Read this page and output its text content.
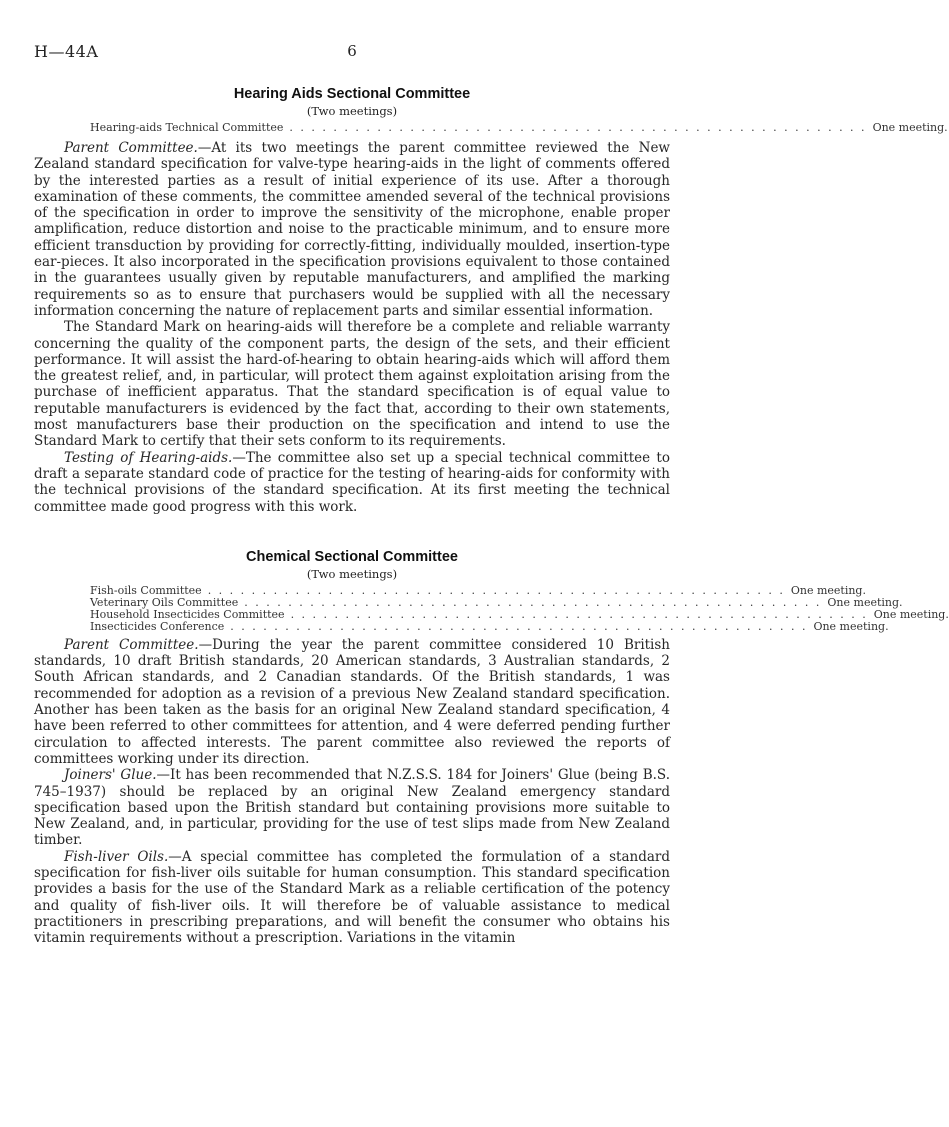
H—44A	6
Hearing Aids Sectional Committee
(Two meetings)
Hearing-aids Technical Committee . . . . . . . . . . . . . . . . . . . . . . . . . . . . . . . . . . . . . . . . . . . . . . . . . . . . . One meeting.

Parent Committee.—At its two meetings the parent committee reviewed the New Zealand standard specification for valve-type hearing-aids in the light of comments offered by the interested parties as a result of initial experience of its use. After a thorough examination of these comments, the committee amended several of the technical provisions of the specification in order to improve the sensitivity of the microphone, enable proper amplification, reduce distortion and noise to the practicable minimum, and to ensure more efficient transduction by providing for correctly-fitting, individually moulded, insertion-type ear-pieces. It also incorporated in the specification provisions equivalent to those contained in the guarantees usually given by reputable manufacturers, and amplified the marking requirements so as to ensure that purchasers would be supplied with all the necessary information concerning the nature of replacement parts and similar essential information.

The Standard Mark on hearing-aids will therefore be a complete and reliable warranty concerning the quality of the component parts, the design of the sets, and their efficient performance. It will assist the hard-of-hearing to obtain hearing-aids which will afford them the greatest relief, and, in particular, will protect them against exploitation arising from the purchase of inefficient apparatus. That the standard specification is of equal value to reputable manufacturers is evidenced by the fact that, according to their own statements, most manufacturers base their production on the specification and intend to use the Standard Mark to certify that their sets conform to its requirements.

Testing of Hearing-aids.—The committee also set up a special technical committee to draft a separate standard code of practice for the testing of hearing-aids for conformity with the technical provisions of the standard specification. At its first meeting the technical committee made good progress with this work.

Chemical Sectional Committee
(Two meetings)
Fish-oils Committee . . . . . . . . . . . . . . . . . . . . . . . . . . . . . . . . . . . . . . . . . . . . . . . . . . . . . One meeting.
Veterinary Oils Committee . . . . . . . . . . . . . . . . . . . . . . . . . . . . . . . . . . . . . . . . . . . . . . . . . . . . . One meeting.
Household Insecticides Committee . . . . . . . . . . . . . . . . . . . . . . . . . . . . . . . . . . . . . . . . . . . . . . . . . . . . . One meeting.
Insecticides Conference . . . . . . . . . . . . . . . . . . . . . . . . . . . . . . . . . . . . . . . . . . . . . . . . . . . . . One meeting.

Parent Committee.—During the year the parent committee considered 10 British standards, 10 draft British standards, 20 American standards, 3 Australian standards, 2 South African standards, and 2 Canadian standards. Of the British standards, 1 was recommended for adoption as a revision of a previous New Zealand standard specification. Another has been taken as the basis for an original New Zealand standard specification, 4 have been referred to other committees for attention, and 4 were deferred pending further circulation to affected interests. The parent committee also reviewed the reports of committees working under its direction.

Joiners' Glue.—It has been recommended that N.Z.S.S. 184 for Joiners' Glue (being B.S. 745–1937) should be replaced by an original New Zealand emergency standard specification based upon the British standard but containing provisions more suitable to New Zealand, and, in particular, providing for the use of test slips made from New Zealand timber.

Fish-liver Oils.—A special committee has completed the formulation of a standard specification for fish-liver oils suitable for human consumption. This standard specification provides a basis for the use of the Standard Mark as a reliable certification of the potency and quality of fish-liver oils. It will therefore be of valuable assistance to medical practitioners in prescribing preparations, and will benefit the consumer who obtains his vitamin requirements without a prescription. Variations in the vitamin
